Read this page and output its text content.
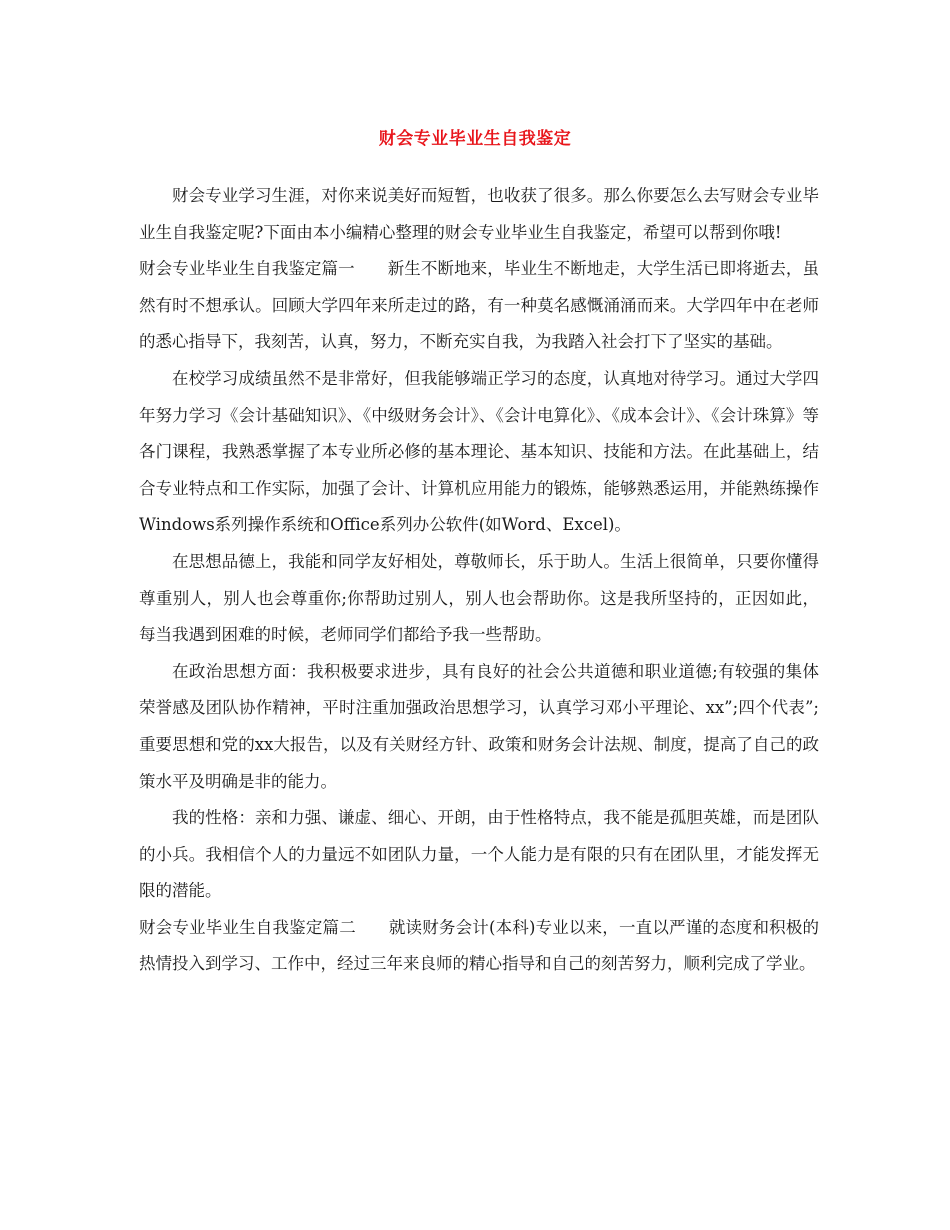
财会专业毕业生自我鉴定

财会专业学习生涯，对你来说美好而短暂，也收获了很多。那么你要怎么去写财会专业毕业生自我鉴定呢?下面由本小编精心整理的财会专业毕业生自我鉴定，希望可以帮到你哦!

财会专业毕业生自我鉴定篇一 新生不断地来，毕业生不断地走，大学生活已即将逝去，虽然有时不想承认。回顾大学四年来所走过的路，有一种莫名感慨涌涌而来。大学四年中在老师的悉心指导下，我刻苦，认真，努力，不断充实自我，为我踏入社会打下了坚实的基础。

在校学习成绩虽然不是非常好，但我能够端正学习的态度，认真地对待学习。通过大学四年努力学习《会计基础知识》、《中级财务会计》、《会计电算化》、《成本会计》、《会计珠算》等各门课程，我熟悉掌握了本专业所必修的基本理论、基本知识、技能和方法。在此基础上，结合专业特点和工作实际，加强了会计、计算机应用能力的锻炼，能够熟悉运用，并能熟练操作Windows系列操作系统和Office系列办公软件(如Word、Excel)。

在思想品德上，我能和同学友好相处，尊敬师长，乐于助人。生活上很简单，只要你懂得尊重别人，别人也会尊重你;你帮助过别人，别人也会帮助你。这是我所坚持的，正因如此，每当我遇到困难的时候，老师同学们都给予我一些帮助。

在政治思想方面：我积极要求进步，具有良好的社会公共道德和职业道德;有较强的集体荣誉感及团队协作精神，平时注重加强政治思想学习，认真学习邓小平理论、xx”;四个代表”;重要思想和党的xx大报告，以及有关财经方针、政策和财务会计法规、制度，提高了自己的政策水平及明确是非的能力。

我的性格：亲和力强、谦虚、细心、开朗，由于性格特点，我不能是孤胆英雄，而是团队的小兵。我相信个人的力量远不如团队力量，一个人能力是有限的只有在团队里，才能发挥无限的潜能。

财会专业毕业生自我鉴定篇二 就读财务会计(本科)专业以来，一直以严谨的态度和积极的热情投入到学习、工作中，经过三年来良师的精心指导和自己的刻苦努力，顺利完成了学业。
